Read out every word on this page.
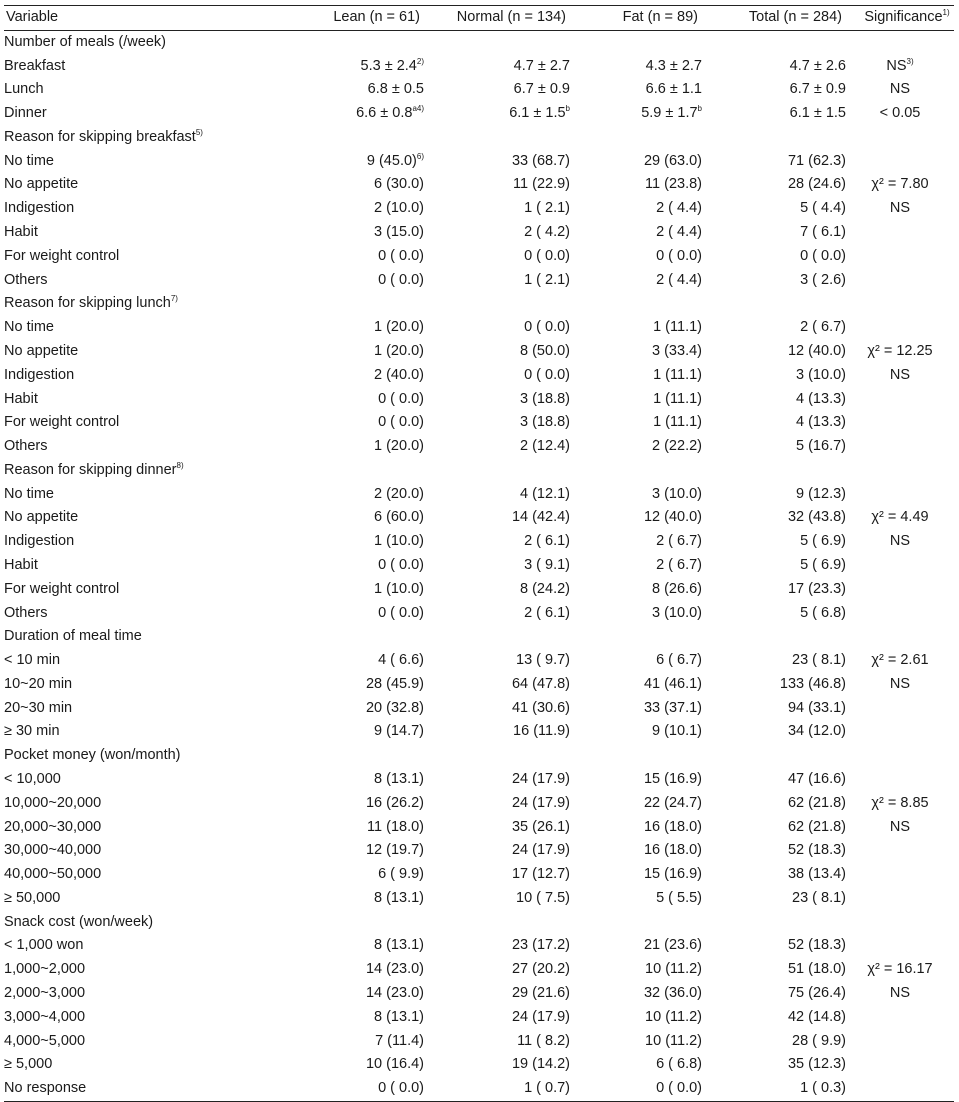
Variable	Lean (n = 61)	Normal (n = 134)	Fat (n = 89)	Total (n = 284)	Significance$^{1)}$
Number of meals (/week)					
Breakfast	$5.3 \pm 2.4^{2)}$	4.7 ± 2.7	4.3 ± 2.7	4.7 ± 2.6	NS$^{3)}$
Lunch	6.8 ± 0.5	6.7 ± 0.9	6.6 ± 1.1	6.7 ± 0.9	NS
Dinner	$6.6 \pm 0.8^{a4)}$	6.1 ± 1.5$^b$	5.9 ± 1.7$^b$	6.1 ± 1.5	< 0.05
Reason for skipping breakfast$^{5)}$					
No time	9 $(45.0)^{6)}$	33 (68.7)	29 (63.0)	71 (62.3)	
No appetite	6 (30.0)	11 (22.9)	11 (23.8)	28 (24.6)	χ² = 7.80
Indigestion	2 (10.0)	1 ( 2.1)	2 ( 4.4)	5 ( 4.4)	NS
Habit	3 (15.0)	2 ( 4.2)	2 ( 4.4)	7 ( 6.1)	
For weight control	0 ( 0.0)	0 ( 0.0)	0 ( 0.0)	0 ( 0.0)	
Others	0 ( 0.0)	1 ( 2.1)	2 ( 4.4)	3 ( 2.6)	
Reason for skipping lunch$^{7)}$					
No time	1 (20.0)	0 ( 0.0)	1 (11.1)	2 ( 6.7)	
No appetite	1 (20.0)	8 (50.0)	3 (33.4)	12 (40.0)	χ² = 12.25
Indigestion	2 (40.0)	0 ( 0.0)	1 (11.1)	3 (10.0)	NS
Habit	0 ( 0.0)	3 (18.8)	1 (11.1)	4 (13.3)	
For weight control	0 ( 0.0)	3 (18.8)	1 (11.1)	4 (13.3)	
Others	1 (20.0)	2 (12.4)	2 (22.2)	5 (16.7)	
Reason for skipping dinner$^{8)}$					
No time	2 (20.0)	4 (12.1)	3 (10.0)	9 (12.3)	
No appetite	6 (60.0)	14 (42.4)	12 (40.0)	32 (43.8)	χ² = 4.49
Indigestion	1 (10.0)	2 ( 6.1)	2 ( 6.7)	5 ( 6.9)	NS
Habit	0 ( 0.0)	3 ( 9.1)	2 ( 6.7)	5 ( 6.9)	
For weight control	1 (10.0)	8 (24.2)	8 (26.6)	17 (23.3)	
Others	0 ( 0.0)	2 ( 6.1)	3 (10.0)	5 ( 6.8)	
Duration of meal time					
< 10 min	4 ( 6.6)	13 ( 9.7)	6 ( 6.7)	23 ( 8.1)	χ² = 2.61
10~20 min	28 (45.9)	64 (47.8)	41 (46.1)	133 (46.8)	NS
20~30 min	20 (32.8)	41 (30.6)	33 (37.1)	94 (33.1)	
≥ 30 min	9 (14.7)	16 (11.9)	9 (10.1)	34 (12.0)	
Pocket money (won/month)					
< 10,000	8 (13.1)	24 (17.9)	15 (16.9)	47 (16.6)	
10,000~20,000	16 (26.2)	24 (17.9)	22 (24.7)	62 (21.8)	χ² = 8.85
20,000~30,000	11 (18.0)	35 (26.1)	16 (18.0)	62 (21.8)	NS
30,000~40,000	12 (19.7)	24 (17.9)	16 (18.0)	52 (18.3)	
40,000~50,000	6 ( 9.9)	17 (12.7)	15 (16.9)	38 (13.4)	
≥ 50,000	8 (13.1)	10 ( 7.5)	5 ( 5.5)	23 ( 8.1)	
Snack cost (won/week)					
< 1,000 won	8 (13.1)	23 (17.2)	21 (23.6)	52 (18.3)	
1,000~2,000	14 (23.0)	27 (20.2)	10 (11.2)	51 (18.0)	χ² = 16.17
2,000~3,000	14 (23.0)	29 (21.6)	32 (36.0)	75 (26.4)	NS
3,000~4,000	8 (13.1)	24 (17.9)	10 (11.2)	42 (14.8)	
4,000~5,000	7 (11.4)	11 ( 8.2)	10 (11.2)	28 ( 9.9)	
≥ 5,000	10 (16.4)	19 (14.2)	6 ( 6.8)	35 (12.3)	
No response	0 ( 0.0)	1 ( 0.7)	0 ( 0.0)	1 ( 0.3)	
